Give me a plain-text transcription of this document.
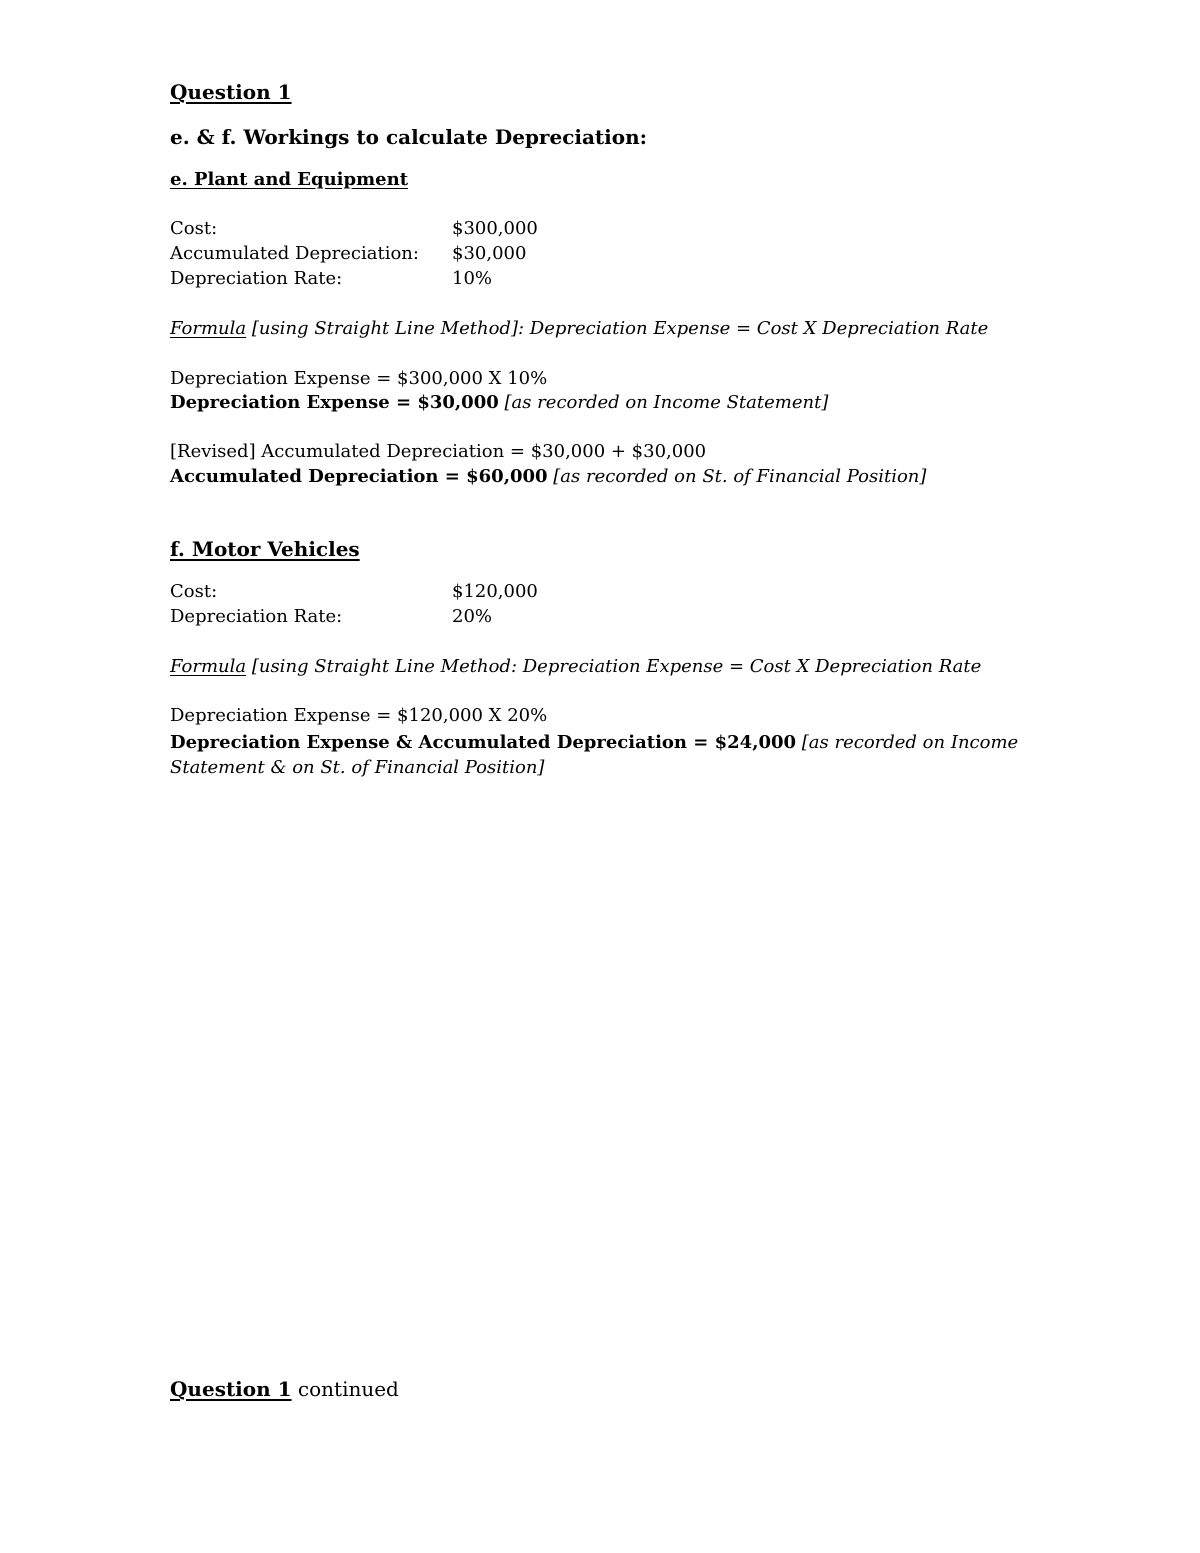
Question 1
e. & f. Workings to calculate Depreciation:
e. Plant and Equipment
Cost:	$300,000
Accumulated Depreciation: $30,000
Depreciation Rate:	10%
Formula [using Straight Line Method]: Depreciation Expense = Cost X Depreciation Rate
Depreciation Expense = $300,000 X 10%
Depreciation Expense = $30,000 [as recorded on Income Statement]
[Revised] Accumulated Depreciation = $30,000 + $30,000
Accumulated Depreciation = $60,000 [as recorded on St. of Financial Position]
f. Motor Vehicles
Cost:	$120,000
Depreciation Rate:	20%
Formula [using Straight Line Method: Depreciation Expense = Cost X Depreciation Rate
Depreciation Expense = $120,000 X 20%
Depreciation Expense & Accumulated Depreciation = $24,000 [as recorded on Income Statement & on St. of Financial Position]
Question 1 continued
